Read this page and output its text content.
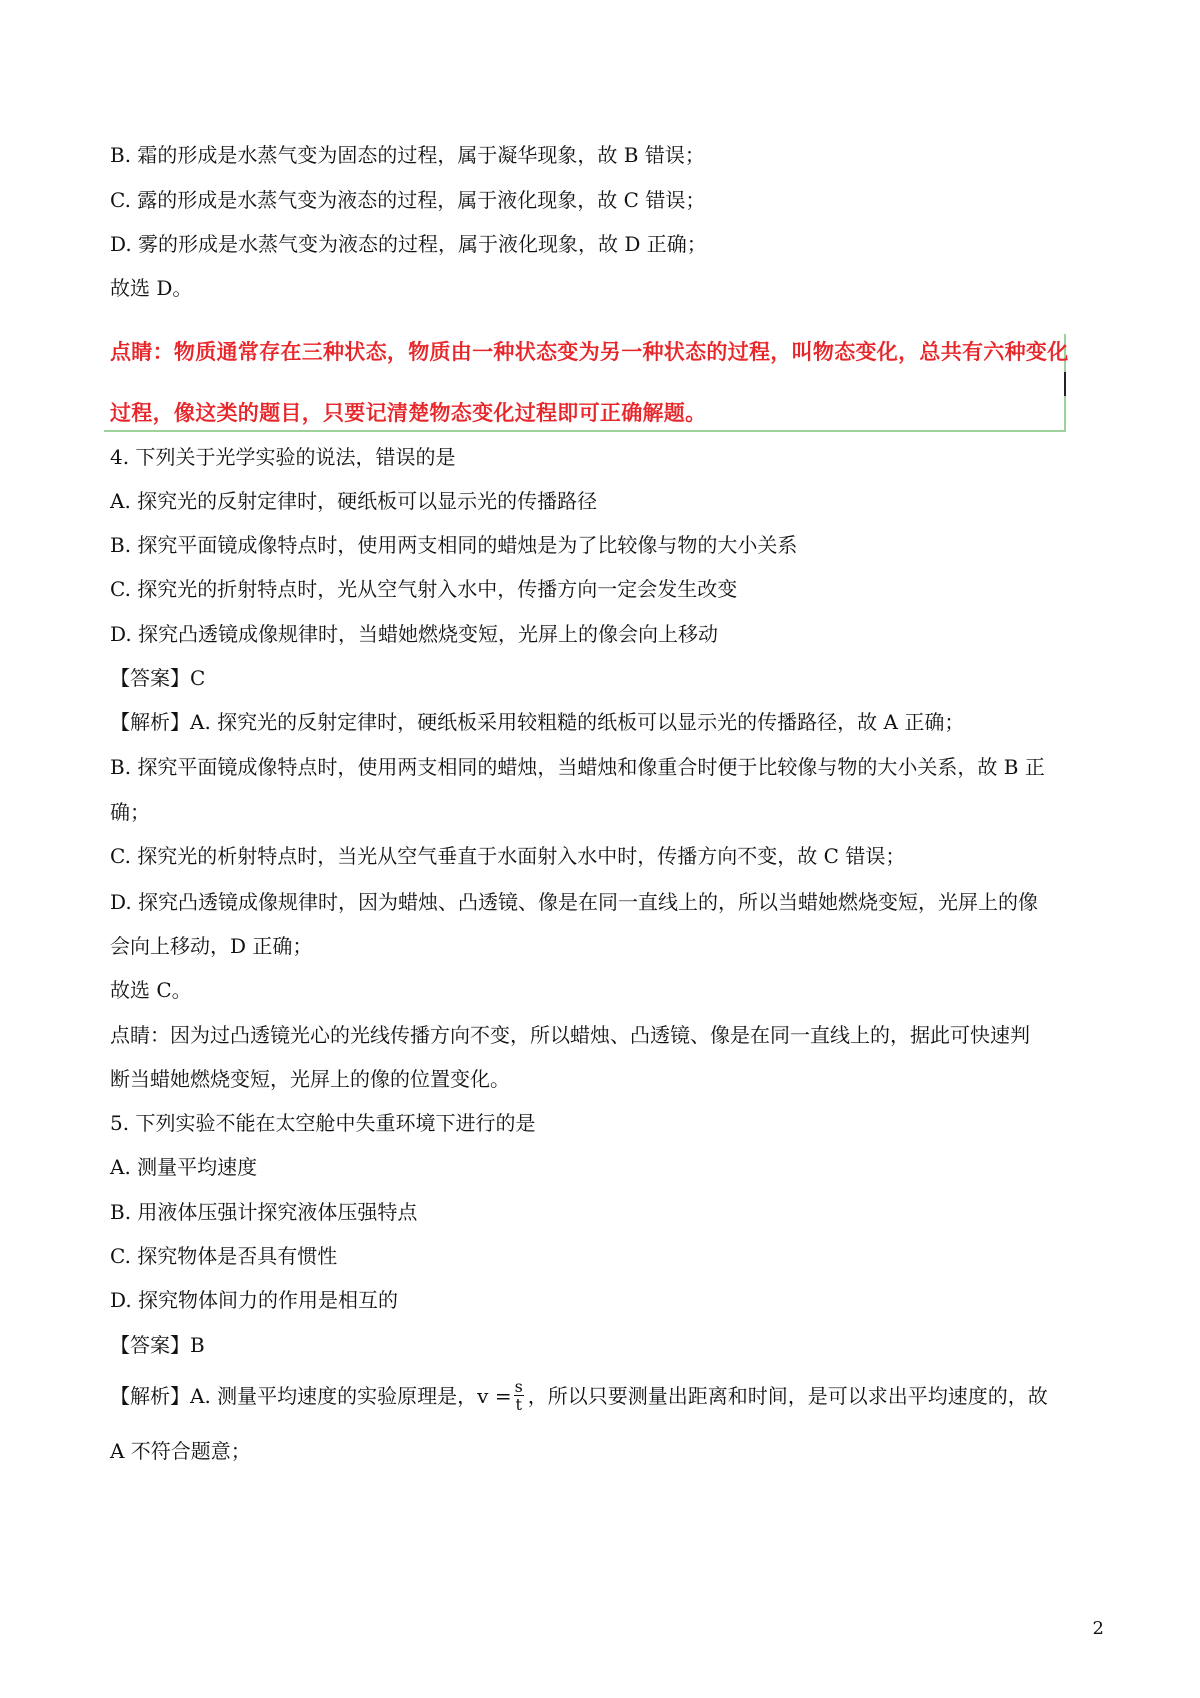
B. 霜的形成是水蒸气变为固态的过程，属于凝华现象，故 B 错误；
C. 露的形成是水蒸气变为液态的过程，属于液化现象，故 C 错误；
D. 雾的形成是水蒸气变为液态的过程，属于液化现象，故 D 正确；
故选 D。
点睛：物质通常存在三种状态，物质由一种状态变为另一种状态的过程，叫物态变化，总共有六种变化
过程，像这类的题目，只要记清楚物态变化过程即可正确解题。
4. 下列关于光学实验的说法，错误的是
A. 探究光的反射定律时，硬纸板可以显示光的传播路径
B. 探究平面镜成像特点时，使用两支相同的蜡烛是为了比较像与物的大小关系
C. 探究光的折射特点时，光从空气射入水中，传播方向一定会发生改变
D. 探究凸透镜成像规律时，当蜡她燃烧变短，光屏上的像会向上移动
【答案】C
【解析】A. 探究光的反射定律时，硬纸板采用较粗糙的纸板可以显示光的传播路径，故 A 正确；
B. 探究平面镜成像特点时，使用两支相同的蜡烛，当蜡烛和像重合时便于比较像与物的大小关系，故 B 正
确；
C. 探究光的析射特点时，当光从空气垂直于水面射入水中时，传播方向不变，故 C 错误；
D. 探究凸透镜成像规律时，因为蜡烛、凸透镜、像是在同一直线上的，所以当蜡她燃烧变短，光屏上的像
会向上移动，D 正确；
故选 C。
点睛：因为过凸透镜光心的光线传播方向不变，所以蜡烛、凸透镜、像是在同一直线上的，据此可快速判
断当蜡她燃烧变短，光屏上的像的位置变化。
5. 下列实验不能在太空舱中失重环境下进行的是
A. 测量平均速度
B. 用液体压强计探究液体压强特点
C. 探究物体是否具有惯性
D. 探究物体间力的作用是相互的
【答案】B
【解析】A. 测量平均速度的实验原理是，$v = \frac{s}{t}$ ，所以只要测量出距离和时间，是可以求出平均速度的，故
A 不符合题意；
2
